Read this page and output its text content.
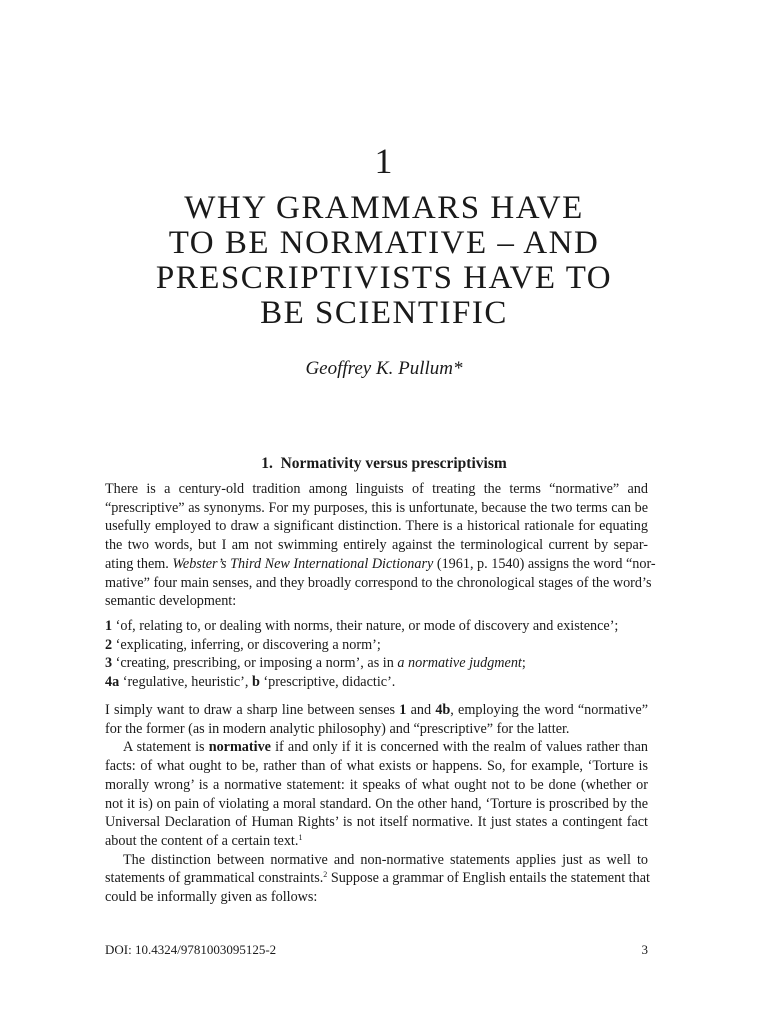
1
WHY GRAMMARS HAVE
TO BE NORMATIVE – AND
PRESCRIPTIVISTS HAVE TO
BE SCIENTIFIC
Geoffrey K. Pullum*
1.  Normativity versus prescriptivism
There is a century-old tradition among linguists of treating the terms “normative” and
“prescriptive” as synonyms. For my purposes, this is unfortunate, because the two terms can be
usefully employed to draw a significant distinction. There is a historical rationale for equating
the two words, but I am not swimming entirely against the terminological current by separ-
ating them. Webster’s Third New International Dictionary (1961, p. 1540) assigns the word “nor-
mative” four main senses, and they broadly correspond to the chronological stages of the word’s
semantic development:
1 ‘of, relating to, or dealing with norms, their nature, or mode of discovery and existence’;
2 ‘explicating, inferring, or discovering a norm’;
3 ‘creating, prescribing, or imposing a norm’, as in a normative judgment;
4a ‘regulative, heuristic’, b ‘prescriptive, didactic’.
I simply want to draw a sharp line between senses 1 and 4b, employing the word “normative”
for the former (as in modern analytic philosophy) and “prescriptive” for the latter.
A statement is normative if and only if it is concerned with the realm of values rather than
facts: of what ought to be, rather than of what exists or happens. So, for example, ‘Torture is
morally wrong’ is a normative statement: it speaks of what ought not to be done (whether or
not it is) on pain of violating a moral standard. On the other hand, ‘Torture is proscribed by the
Universal Declaration of Human Rights’ is not itself normative. It just states a contingent fact
about the content of a certain text.$^1$
The distinction between normative and non-normative statements applies just as well to
statements of grammatical constraints.$^2$ Suppose a grammar of English entails the statement that
could be informally given as follows:
DOI: 10.4324/9781003095125-2	3
